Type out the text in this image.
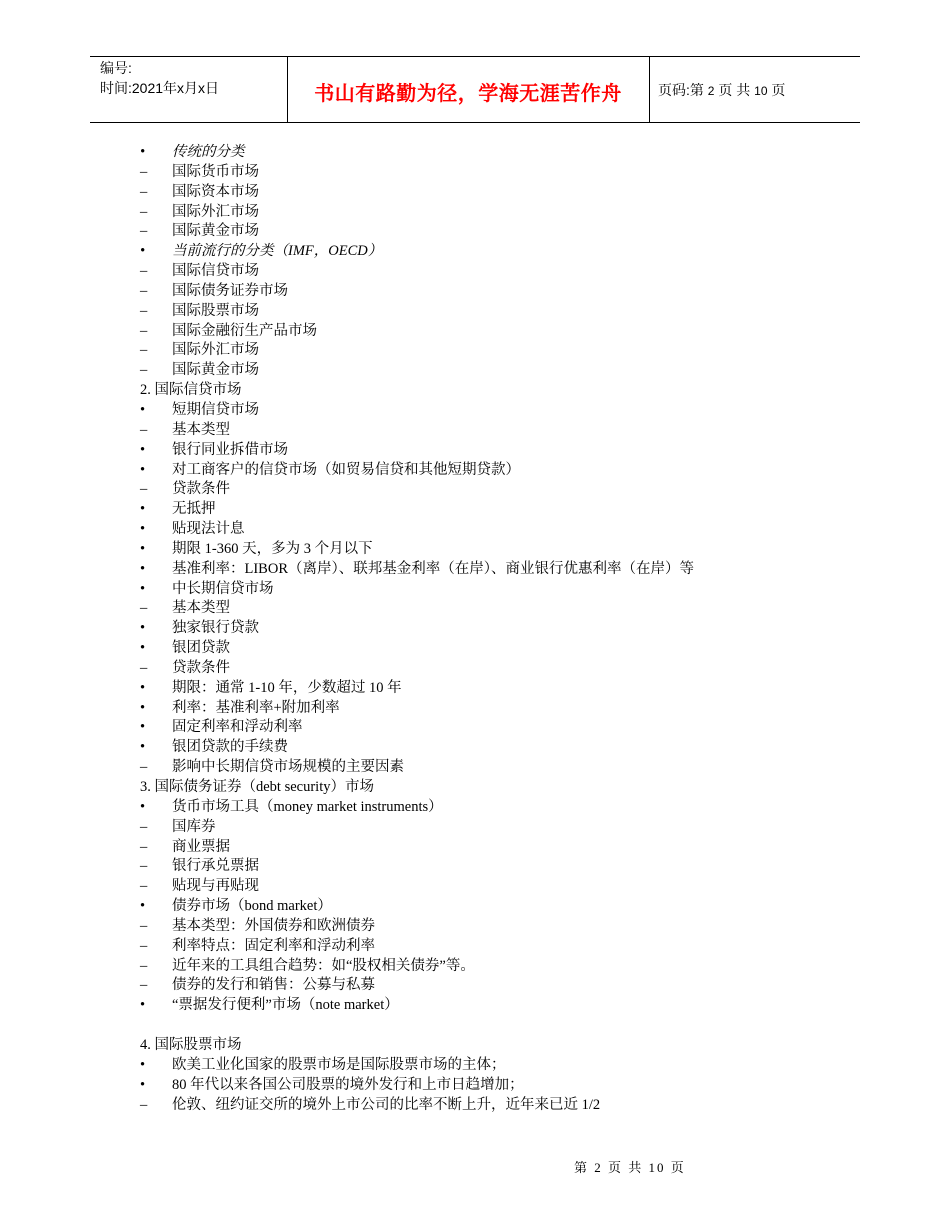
编号:
时间:2021年x月x日	书山有路勤为径，学海无涯苦作舟	页码:第 2 页 共 10 页
•	传统的分类
–	国际货币市场
–	国际资本市场
–	国际外汇市场
–	国际黄金市场
•	当前流行的分类（IMF，OECD）
–	国际信贷市场
–	国际债务证券市场
–	国际股票市场
–	国际金融衍生产品市场
–	国际外汇市场
–	国际黄金市场
2. 国际信贷市场
•	短期信贷市场
–	基本类型
•	银行同业拆借市场
•	对工商客户的信贷市场（如贸易信贷和其他短期贷款）
–	贷款条件
•	无抵押
•	贴现法计息
•	期限 1-360 天，多为 3 个月以下
•	基准利率：LIBOR（离岸）、联邦基金利率（在岸）、商业银行优惠利率（在岸）等
•	中长期信贷市场
–	基本类型
•	独家银行贷款
•	银团贷款
–	贷款条件
•	期限：通常 1-10 年，少数超过 10 年
•	利率：基准利率+附加利率
•	固定利率和浮动利率
•	银团贷款的手续费
–	影响中长期信贷市场规模的主要因素
3. 国际债务证券（debt security）市场
•	货币市场工具（money market instruments）
–	国库券
–	商业票据
–	银行承兑票据
–	贴现与再贴现
•	债券市场（bond market）
–	基本类型：外国债券和欧洲债券
–	利率特点：固定利率和浮动利率
–	近年来的工具组合趋势：如“股权相关债券”等。
–	债券的发行和销售：公募与私募
•	“票据发行便利”市场（note market）
4. 国际股票市场
•	欧美工业化国家的股票市场是国际股票市场的主体；
•	80 年代以来各国公司股票的境外发行和上市日趋增加；
–	伦敦、纽约证交所的境外上市公司的比率不断上升，近年来已近 1/2
第 2 页 共 10 页
